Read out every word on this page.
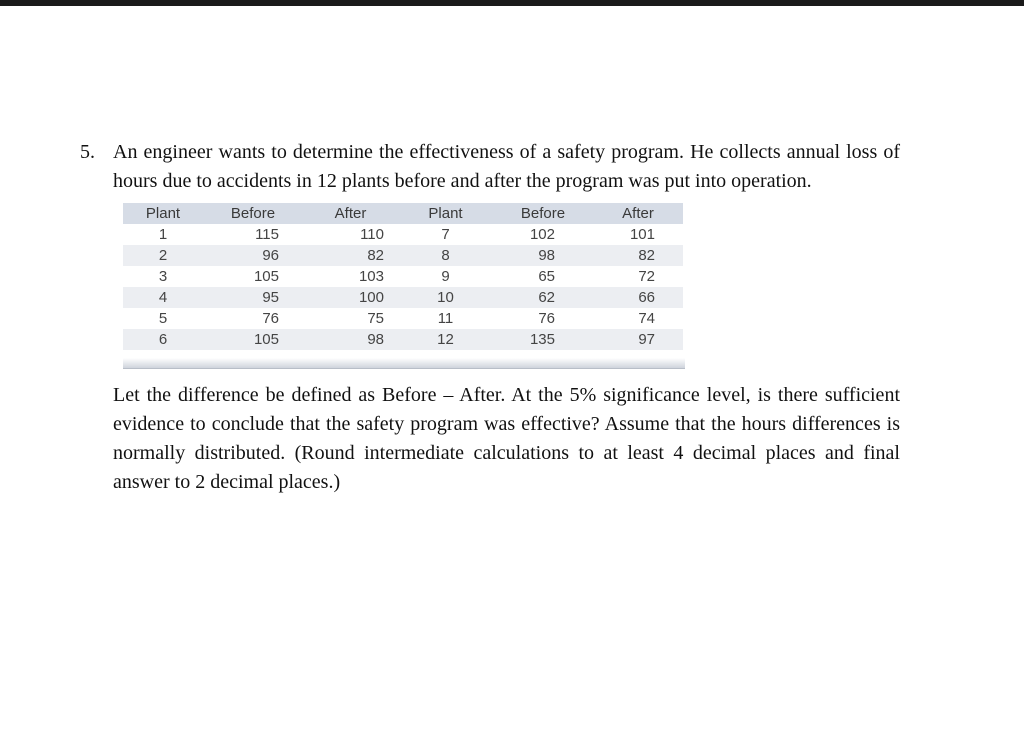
5. An engineer wants to determine the effectiveness of a safety program. He collects annual loss of hours due to accidents in 12 plants before and after the program was put into operation.
Plant	Before	After	Plant	Before	After
1	115	110	7	102	101
2	96	82	8	98	82
3	105	103	9	65	72
4	95	100	10	62	66
5	76	75	11	76	74
6	105	98	12	135	97
Let the difference be defined as Before – After. At the 5% significance level, is there sufficient evidence to conclude that the safety program was effective? Assume that the hours differences is normally distributed. (Round intermediate calculations to at least 4 decimal places and final answer to 2 decimal places.)
